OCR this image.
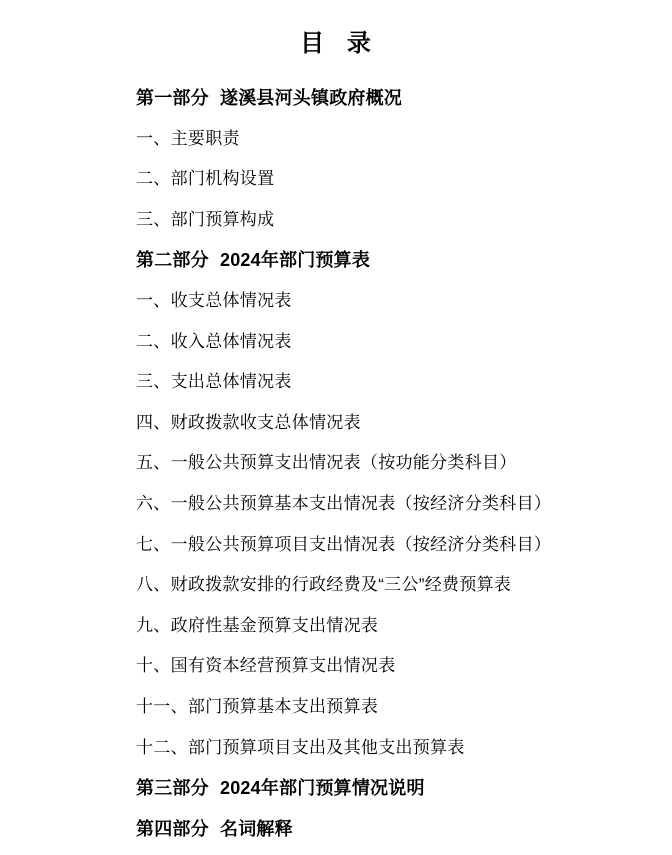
目 录
第一部分 遂溪县河头镇政府概况
一、主要职责
二、部门机构设置
三、部门预算构成
第二部分 2024年部门预算表
一、收支总体情况表
二、收入总体情况表
三、支出总体情况表
四、财政拨款收支总体情况表
五、一般公共预算支出情况表（按功能分类科目）
六、一般公共预算基本支出情况表（按经济分类科目）
七、一般公共预算项目支出情况表（按经济分类科目）
八、财政拨款安排的行政经费及“三公”经费预算表
九、政府性基金预算支出情况表
十、国有资本经营预算支出情况表
十一、部门预算基本支出预算表
十二、部门预算项目支出及其他支出预算表
第三部分 2024年部门预算情况说明
第四部分 名词解释
